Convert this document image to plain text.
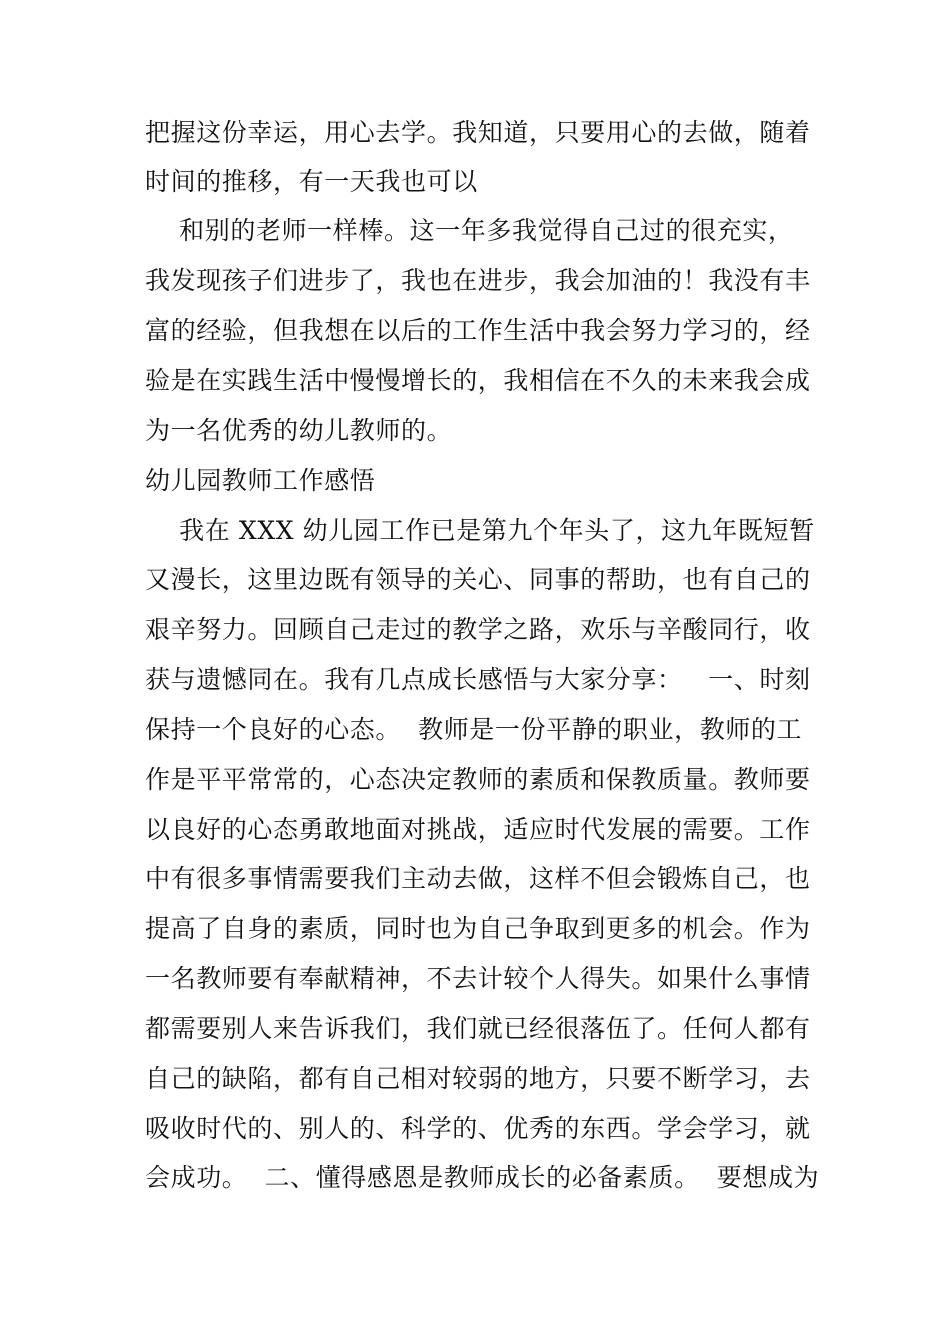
把握这份幸运，用心去学。我知道，只要用心的去做，随着
时间的推移，有一天我也可以
和别的老师一样棒。这一年多我觉得自己过的很充实，
我发现孩子们进步了，我也在进步，我会加油的！我没有丰
富的经验，但我想在以后的工作生活中我会努力学习的，经
验是在实践生活中慢慢增长的，我相信在不久的未来我会成
为一名优秀的幼儿教师的。
幼儿园教师工作感悟
我在 XXX 幼儿园工作已是第九个年头了，这九年既短暂
又漫长，这里边既有领导的关心、同事的帮助，也有自己的
艰辛努力。回顾自己走过的教学之路，欢乐与辛酸同行，收
获与遗憾同在。我有几点成长感悟与大家分享：   一、时刻
保持一个良好的心态。  教师是一份平静的职业，教师的工
作是平平常常的，心态决定教师的素质和保教质量。教师要
以良好的心态勇敢地面对挑战，适应时代发展的需要。工作
中有很多事情需要我们主动去做，这样不但会锻炼自己，也
提高了自身的素质，同时也为自己争取到更多的机会。作为
一名教师要有奉献精神，不去计较个人得失。如果什么事情
都需要别人来告诉我们，我们就已经很落伍了。任何人都有
自己的缺陷，都有自己相对较弱的地方，只要不断学习，去
吸收时代的、别人的、科学的、优秀的东西。学会学习，就
会成功。  二、懂得感恩是教师成长的必备素质。  要想成为
